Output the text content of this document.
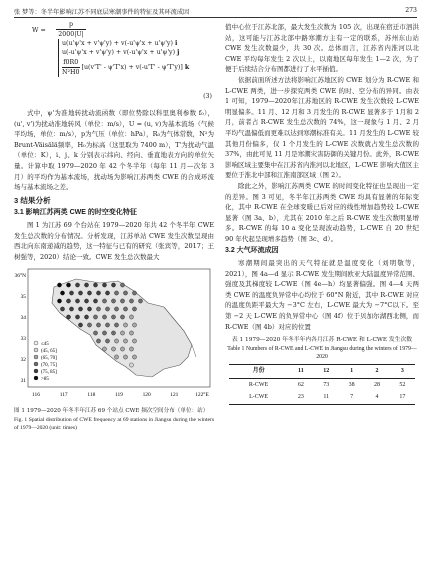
张 梦等：冬半年影响江苏不同底层寒潮事件的特征及其环流成因	273
$W = \frac{p}{2000|U|}$
u(u'ψ'x + v'ψ'y) + v(-u'ψ'x + u'ψ'y) i
u(-u'ψ'x + v'ψ'y) + v(-u'ψ'x + u'ψ'y) j
$\frac{f0R0}{\text{N²H0}} [u(v'T' - \psi'T'x) + v(-u'T' - \psi'T'y)]$
k
(3)

式中，ψ'为准地转扰动流函数（即位势除以科里奥利参数 f₀），(u', v')为扰动准地转风（单位：m/s），U = (u, v)为基本流场（气候平均场，单位：m/s），p为气压（单位：hPa），R₀为气体常数，N²为 Brunt-Väisälä频率，H₀为标高（这里取为 7400 m），T'为扰动气温（单位：K），i、j、k 分别表示纬向、经向、垂直地表方向的单位矢量。计算中取 1979—2020 年 42 个冬半年（每年 11 月—次年 3 月）的平均作为基本流场，扰动场为影响江苏两类 CWE 的合成环流场与基本流场之差。

3 结果分析
3.1 影响江苏两类 CWE 的时空变化特征

图 1 为江苏 69 个台站在 1979—2020 年共 42 个冬半年 CWE 发生总次数的分布情况。分析发现，江苏单站 CWE 发生次数呈现由西北向东南递减的趋势，这一特征与已有的研究（张宾等，2017；王树强等，2020）结论一致。CWE 发生总次数最大

116	117	118	119	120	121	122°E
36°N
35
34
33
32
31
≤45
(45, 65]
(65, 70]
(70, 75]
(75, 85]
>85
图 1 1979—2020 年冬半年江苏 69 个站点 CWE 频次空间分布（单位：站）
Fig. 1 Spatial distribution of CWE frequency at 69 stations in Jiangsu during the winters of 1979—2020 (unit: times)

值中心位于江苏北部，最大发生次数为 105 次，出现在宿迁市泗洪站，这可能与江苏北部中路寒潮方主有一定的联系，苏州东山站 CWE 发生次数最少，共 30 次。总体而言，江苏省内淮河以北 CWE 平均每年发生 2 次以上，以南地区每年发生 1—2 次，为了便于后续结合分布图都进行了水平插值。

依据前面所述方法将影响江苏地区的 CWE 划分为 R-CWE 和 L-CWE 两类，进一步探究两类 CWE 的时、空分布的异同。由表 1 可知，1979—2020年江苏地区的 R-CWE 发生次数较 L-CWE 明显偏多。11 月、12 月和 3 月发生的 R-CWE 显著多于 1月和 2 月，前者占 R-CWE 发生总次数的 74%，这一现象与 1 月、2 月平均气温偏低而更难以达到寒潮标准有关。11 月发生的 L-CWE 较其他月份偏多，仅 1 个月发生的 L-CWE 次数就占发生总次数的 37%，由此可见 11 月是寒潮灾害防御的关键月份。此外，R-CWE 影响区域主要集中在江苏省内淮河以北地区，L-CWE 影响大值区主要位于淮北中部和江淮南部区域（图 2）。

除此之外，影响江苏两类 CWE 的时间变化特征也呈现出一定的差异。图 3 可见，冬半年江苏两类 CWE 均具有显著的年际变化，其中 R-CWE 在全球变暖已后对应的线性增加趋势较 L-CWE 显著（图 3a、b），尤其在 2010 年之后 R-CWE 发生次数明显增多。R-CWE 的每 10 a 变化呈现波动趋势，L-CWE 自 20 世纪 90 年代起呈现增多趋势（图 3c、d）。

3.2 大气环流成因

寒潮期间最突出的天气特征就是温度变化（刘明敬等，2021），图 4a—d 显示 R-CWE 发生期间欧亚大陆温度异常范围、强度及其梯度较 L-CWE（图 4e—h）均显著偏强。图 4—4 天两类 CWE 的温度负异常中心均位于 60°N 附近，其中 R-CWE 对应的温度负距平最大为 −3°C 左右，L-CWE 最大为 −7°C以下。至第 −2 天 L-CWE 的负异常中心（图 4f）位于贝加尔湖西北侧，而 R-CWE（图 4b）对应的位置

表 1 1979—2020 年冬半年内各月江苏 R-CWE 和 L-CWE 发生次数
Table 1 Numbers of R-CWE and L-CWE in Jiangsu during the winters of 1979—2020
月份	11	12	1	2	3
R-CWE	62	73	38	28	52
L-CWE	23	11	7	4	17
